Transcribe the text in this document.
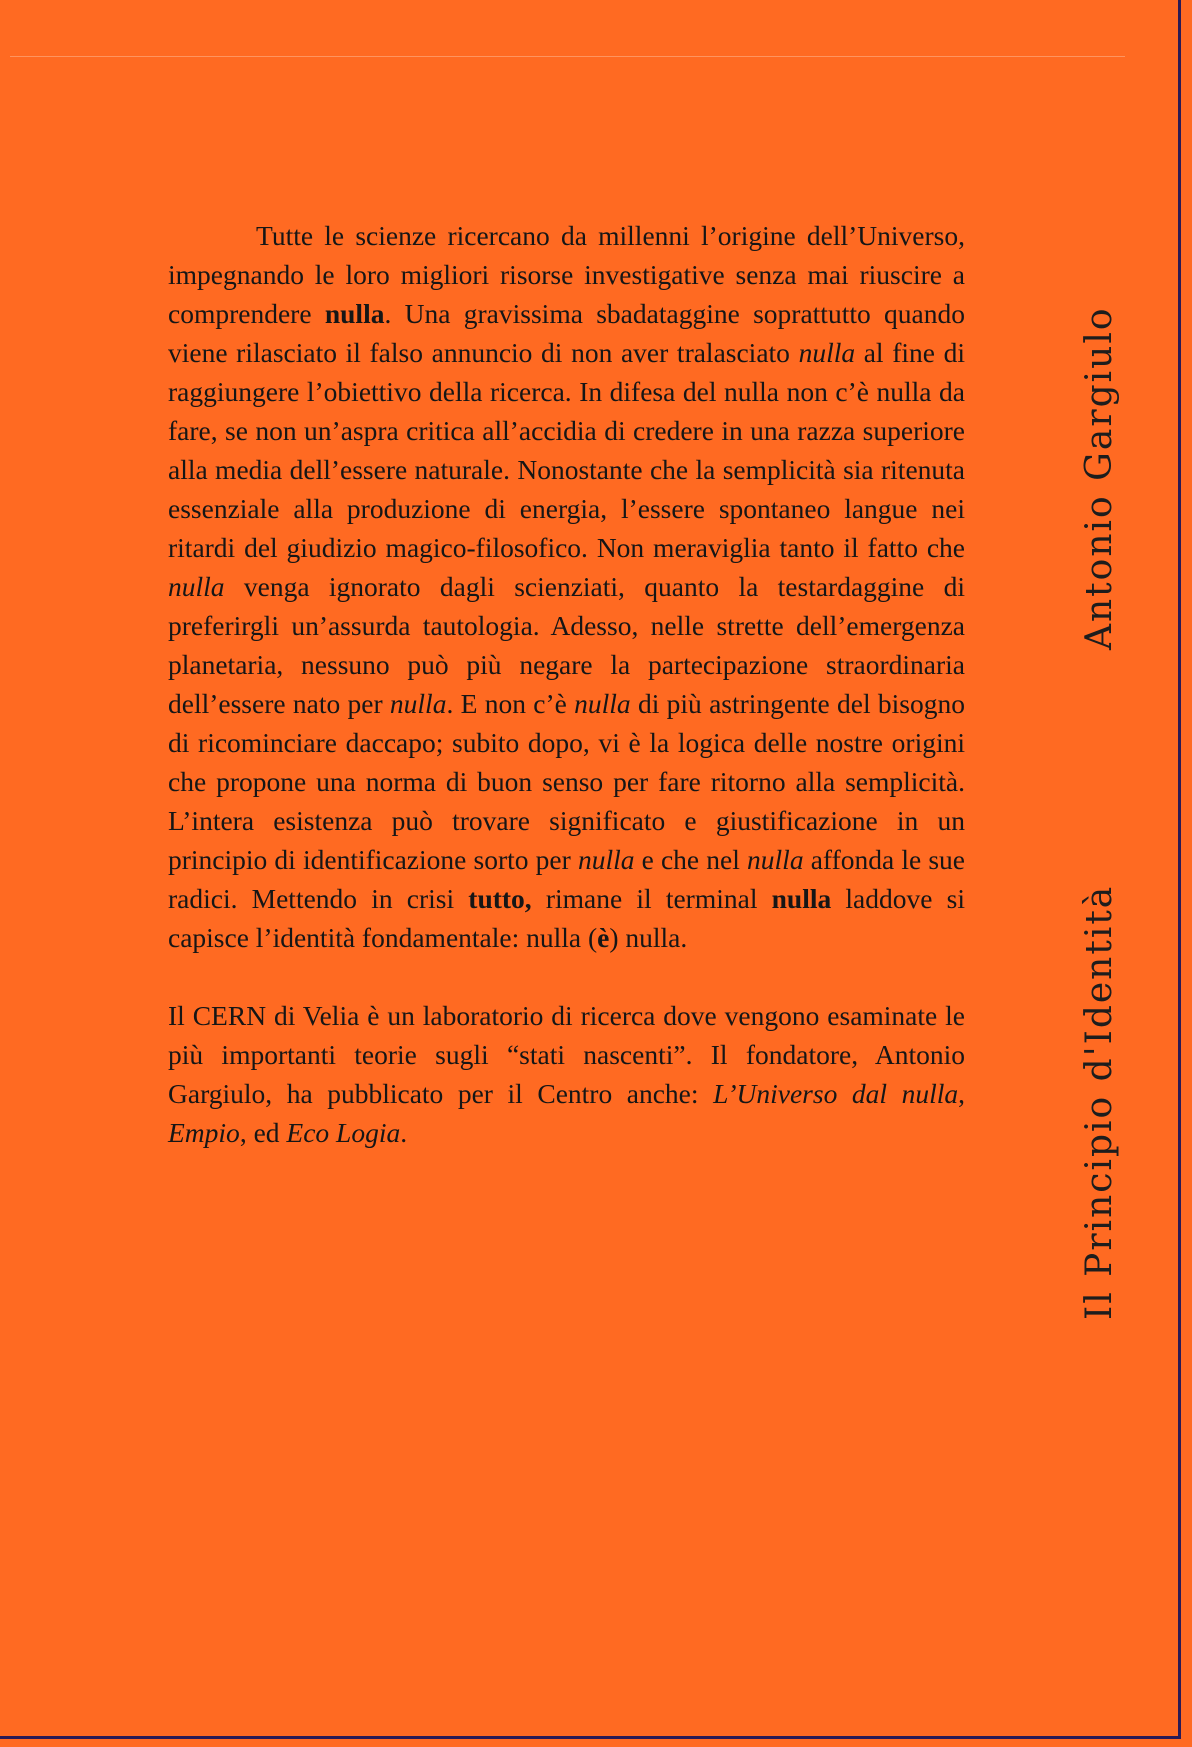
Tutte le scienze ricercano da millenni l’origine dell’Universo, impegnando le loro migliori risorse investigative senza mai riuscire a comprendere nulla. Una gravissima sbadataggine soprattutto quando viene rilasciato il falso annuncio di non aver tralasciato nulla al fine di raggiungere l’obiettivo della ricerca. In difesa del nulla non c’è nulla da fare, se non un’aspra critica all’accidia di credere in una razza superiore alla media dell’essere naturale. Nonostante che la semplicità sia ritenuta essenziale alla produzione di energia, l’essere spontaneo langue nei ritardi del giudizio magico-filosofico. Non meraviglia tanto il fatto che nulla venga ignorato dagli scienziati, quanto la testardaggine di preferirgli un’assurda tautologia. Adesso, nelle strette dell’emergenza planetaria, nessuno può più negare la partecipazione straordinaria dell’essere nato per nulla. E non c’è nulla di più astringente del bisogno di ricominciare daccapo; subito dopo, vi è la logica delle nostre origini che propone una norma di buon senso per fare ritorno alla semplicità. L’intera esistenza può trovare significato e giustificazione in un principio di identificazione sorto per nulla e che nel nulla affonda le sue radici. Mettendo in crisi tutto, rimane il terminal nulla laddove si capisce l’identità fondamentale: nulla (è) nulla.

Il CERN di Velia è un laboratorio di ricerca dove vengono esaminate le più importanti teorie sugli “stati nascenti”. Il fondatore, Antonio Gargiulo, ha pubblicato per il Centro anche: L’Universo dal nulla, Empio, ed Eco Logia.

Antonio Gargiulo
Il Principio d'Identità
